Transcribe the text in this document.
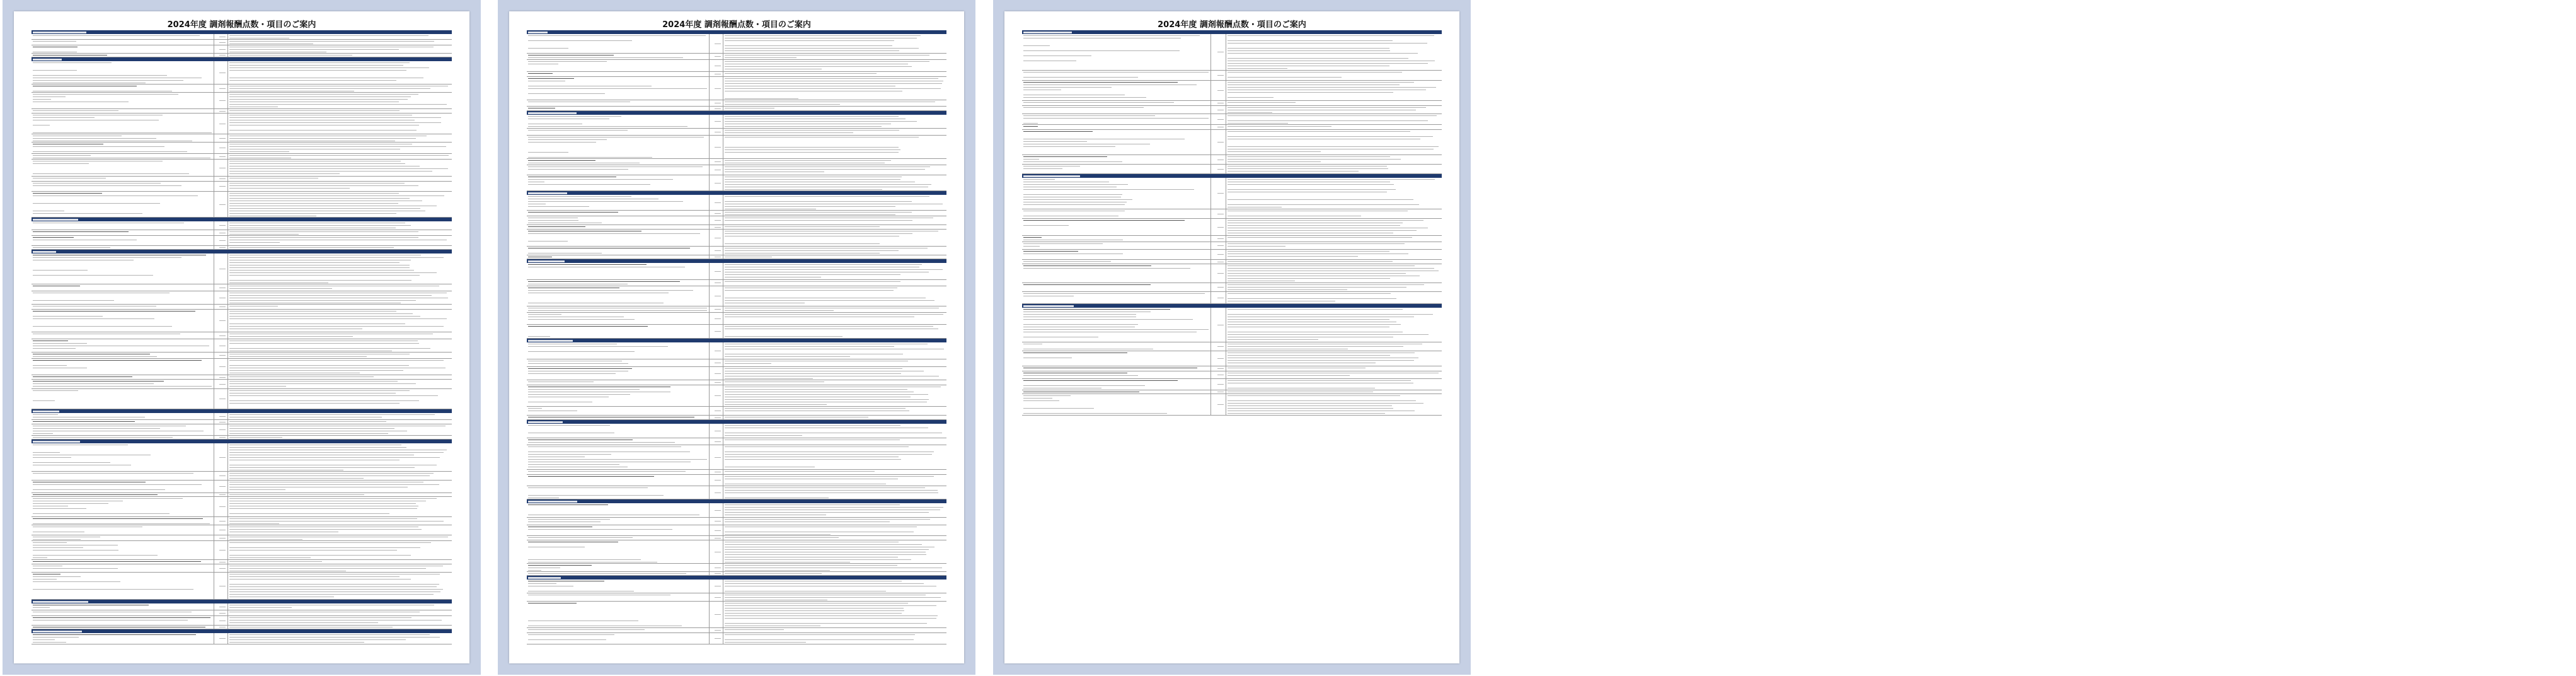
2024年度 調剤報酬点数・項目のご案内	2024年度 調剤報酬点数・項目のご案内	2024年度 調剤報酬点数・項目のご案内
